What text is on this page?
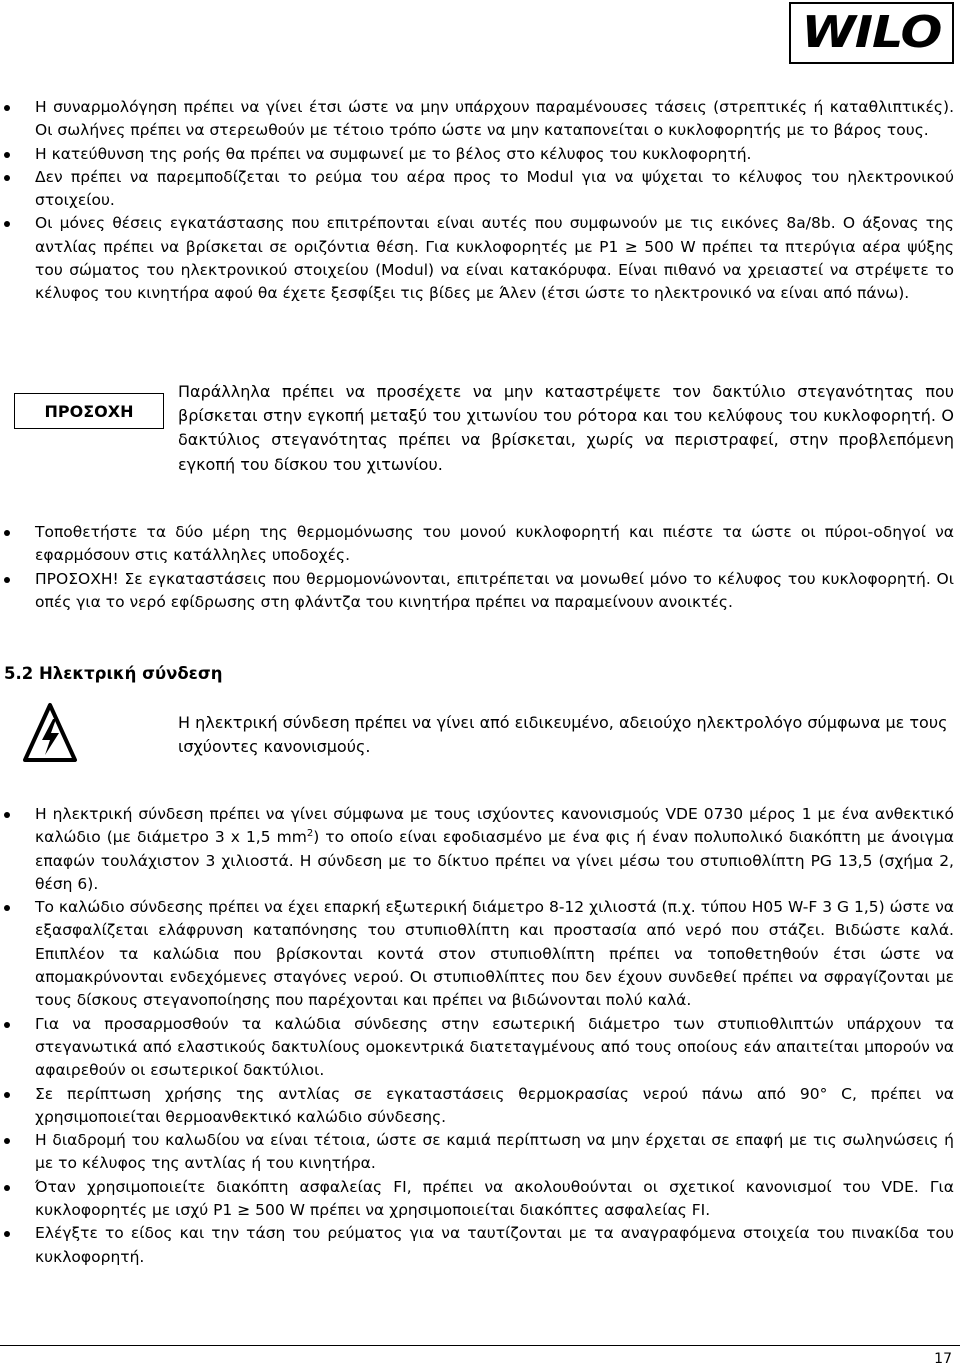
WILO
Η συναρμολόγηση πρέπει να γίνει έτσι ώστε να μην υπάρχουν παραμένουσες τάσεις (στρεπτικές ή καταθλιπτικές). Οι σωλήνες πρέπει να στερεωθούν με τέτοιο τρόπο ώστε να μην καταπονείται ο κυκλοφορητής με το βάρος τους.
Η κατεύθυνση της ροής θα πρέπει να συμφωνεί με το βέλος στο κέλυφος του κυκλοφορητή.
Δεν πρέπει να παρεμποδίζεται το ρεύμα του αέρα προς το Modul για να ψύχεται το κέλυφος του ηλεκτρονικού στοιχείου.
Οι μόνες θέσεις εγκατάστασης που επιτρέπονται είναι αυτές που συμφωνούν με τις εικόνες 8a/8b. Ο άξονας της αντλίας πρέπει να βρίσκεται σε οριζόντια θέση. Για κυκλοφορητές με P1 ≥ 500 W πρέπει τα πτερύγια αέρα ψύξης του σώματος του ηλεκτρονικού στοιχείου (Modul) να είναι κατακόρυφα. Είναι πιθανό να χρειαστεί να στρέψετε το κέλυφος του κινητήρα αφού θα έχετε ξεσφίξει τις βίδες με Άλεν (έτσι ώστε το ηλεκτρονικό να είναι από πάνω).
ΠΡΟΣΟΧΗ
Παράλληλα πρέπει να προσέχετε να μην καταστρέψετε τον δακτύλιο στεγανότητας που βρίσκεται στην εγκοπή μεταξύ του χιτωνίου του ρότορα και του κελύφους του κυκλοφορητή. Ο δακτύλιος στεγανότητας πρέπει να βρίσκεται, χωρίς να περιστραφεί, στην προβλεπόμενη εγκοπή του δίσκου του χιτωνίου.
Τοποθετήστε τα δύο μέρη της θερμομόνωσης του μονού κυκλοφορητή και πιέστε τα ώστε οι πύροι-οδηγοί να εφαρμόσουν στις κατάλληλες υποδοχές.
ΠΡΟΣΟΧΗ! Σε εγκαταστάσεις που θερμομονώνονται, επιτρέπεται να μονωθεί μόνο το κέλυφος του κυκλοφορητή. Οι οπές για το νερό εφίδρωσης στη φλάντζα του κινητήρα πρέπει να παραμείνουν ανοικτές.
5.2 Ηλεκτρική σύνδεση
Η ηλεκτρική σύνδεση πρέπει να γίνει από ειδικευμένο, αδειούχο ηλεκτρολόγο σύμφωνα με τους ισχύοντες κανονισμούς.
Η ηλεκτρική σύνδεση πρέπει να γίνει σύμφωνα με τους ισχύοντες κανονισμούς VDE 0730 μέρος 1 με ένα ανθεκτικό καλώδιο (με διάμετρο 3 x 1,5 $mm^2$) το οποίο είναι εφοδιασμένο με ένα φις ή έναν πολυπολικό διακόπτη με άνοιγμα επαφών τουλάχιστον 3 χιλιοστά. Η σύνδεση με το δίκτυο πρέπει να γίνει μέσω του στυπιοθλίπτη PG 13,5 (σχήμα 2, θέση 6).
Το καλώδιο σύνδεσης πρέπει να έχει επαρκή εξωτερική διάμετρο 8-12 χιλιοστά (π.χ. τύπου H05 W-F 3 G 1,5) ώστε να εξασφαλίζεται ελάφρυνση καταπόνησης του στυπιοθλίπτη και προστασία από νερό που στάζει. Βιδώστε καλά. Επιπλέον τα καλώδια που βρίσκονται κοντά στον στυπιοθλίπτη πρέπει να τοποθετηθούν έτσι ώστε να απομακρύνονται ενδεχόμενες σταγόνες νερού. Οι στυπιοθλίπτες που δεν έχουν συνδεθεί πρέπει να σφραγίζονται με τους δίσκους στεγανοποίησης που παρέχονται και πρέπει να βιδώνονται πολύ καλά.
Για να προσαρμοσθούν τα καλώδια σύνδεσης στην εσωτερική διάμετρο των στυπιοθλιπτών υπάρχουν τα στεγανωτικά από ελαστικούς δακτυλίους ομοκεντρικά διατεταγμένους από τους οποίους εάν απαιτείται μπορούν να αφαιρεθούν οι εσωτερικοί δακτύλιοι.
Σε περίπτωση χρήσης της αντλίας σε εγκαταστάσεις θερμοκρασίας νερού πάνω από 90° C, πρέπει να χρησιμοποιείται θερμοανθεκτικό καλώδιο σύνδεσης.
Η διαδρομή του καλωδίου να είναι τέτοια, ώστε σε καμιά περίπτωση να μην έρχεται σε επαφή με τις σωληνώσεις ή με το κέλυφος της αντλίας ή του κινητήρα.
Όταν χρησιμοποιείτε διακόπτη ασφαλείας FI, πρέπει να ακολουθούνται οι σχετικοί κανονισμοί του VDE. Για κυκλοφορητές με ισχύ P1 ≥ 500 W πρέπει να χρησιμοποιείται διακόπτες ασφαλείας FI.
Ελέγξτε το είδος και την τάση του ρεύματος για να ταυτίζονται με τα αναγραφόμενα στοιχεία του πινακίδα του κυκλοφορητή.
17
